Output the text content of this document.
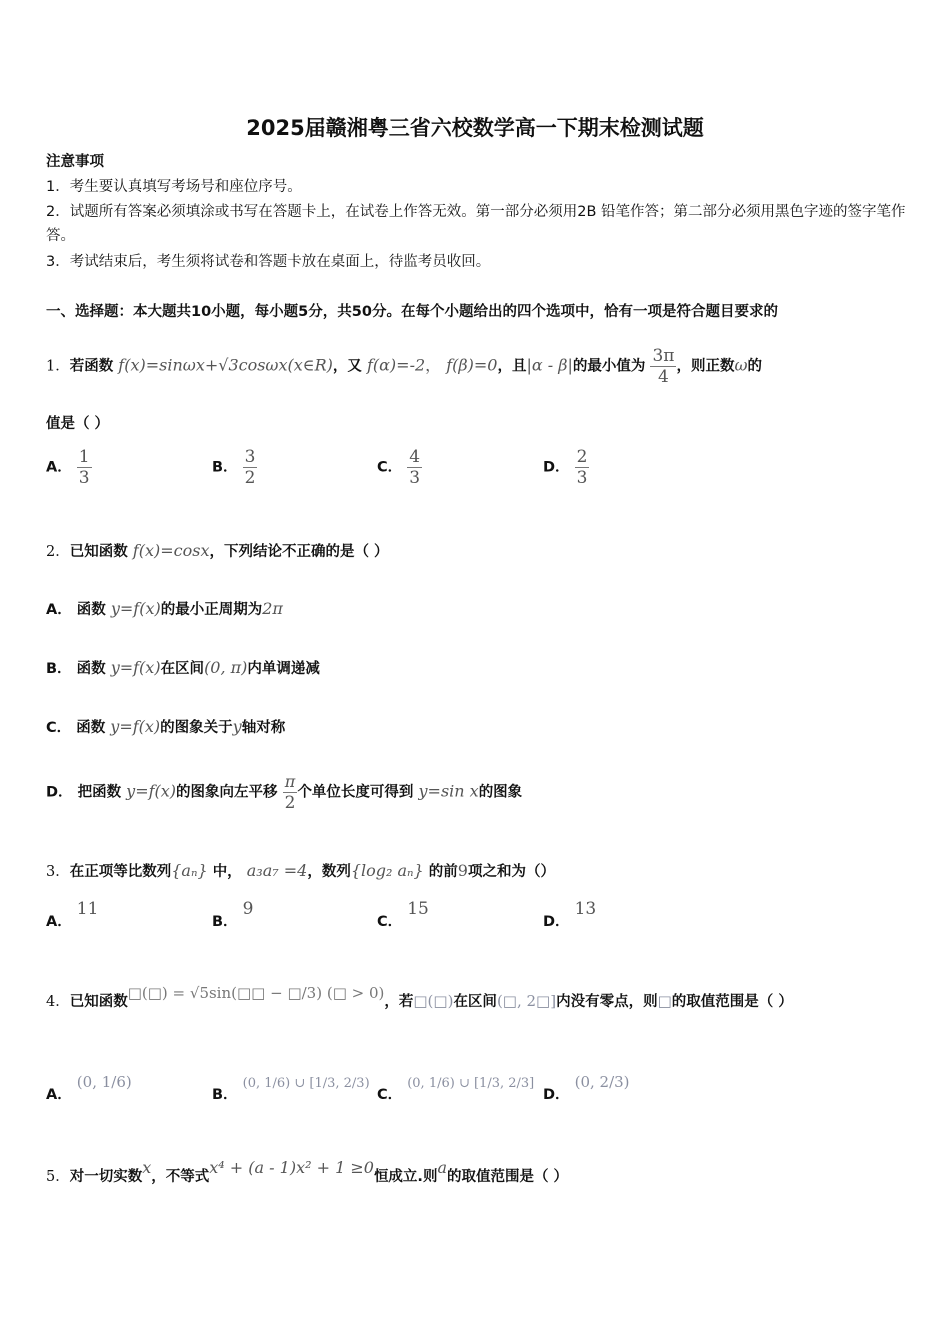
2025届赣湘粤三省六校数学高一下期末检测试题
注意事项
1．考生要认真填写考场号和座位序号。
2．试题所有答案必须填涂或书写在答题卡上，在试卷上作答无效。第一部分必须用2B 铅笔作答；第二部分必须用黑色字迹的签字笔作答。
3．考试结束后，考生须将试卷和答题卡放在桌面上，待监考员收回。
一、选择题：本大题共10小题，每小题5分，共50分。在每个小题给出的四个选项中，恰有一项是符合题目要求的
1．若函数 f(x)=sinωx+√3cosωx(x∈R)，又 f(α)=-2， f(β)=0，且|α - β|的最小值为 $\frac{3\pi}{4}$ ，则正数ω的
值是（ ）
A． $\frac{1}{3}$	B． $\frac{3}{2}$	C． $\frac{4}{3}$	D． $\frac{2}{3}$
2．已知函数 f(x)=cosx，下列结论不正确的是（ ）
A． 函数 y=f(x)的最小正周期为2π
B． 函数 y=f(x)在区间(0, π)内单调递减
C． 函数 y=f(x)的图象关于y轴对称
D． 把函数 y=f(x)的图象向左平移 $\frac{\pi}{2}$ 个单位长度可得到 y=sin x的图象
3．在正项等比数列{aₙ} 中， a₃a₇ =4，数列{log₂ aₙ} 的前9项之和为（）
A． 11
B． 9
C． 15
D． 13
4．已知函数□(□) = √5sin(□□ − □/3) (□ > 0)，若□(□)在区间(□, 2□]内没有零点，则□的取值范围是（ ）
A． (0, 1/6)
B． (0, 1/6) ∪ [1/3, 2/3)
C． (0, 1/6) ∪ [1/3, 2/3]
D． (0, 2/3)
5．对一切实数x，不等式x⁴ + (a - 1)x² + 1 ≥0恒成立.则a的取值范围是（ ）
